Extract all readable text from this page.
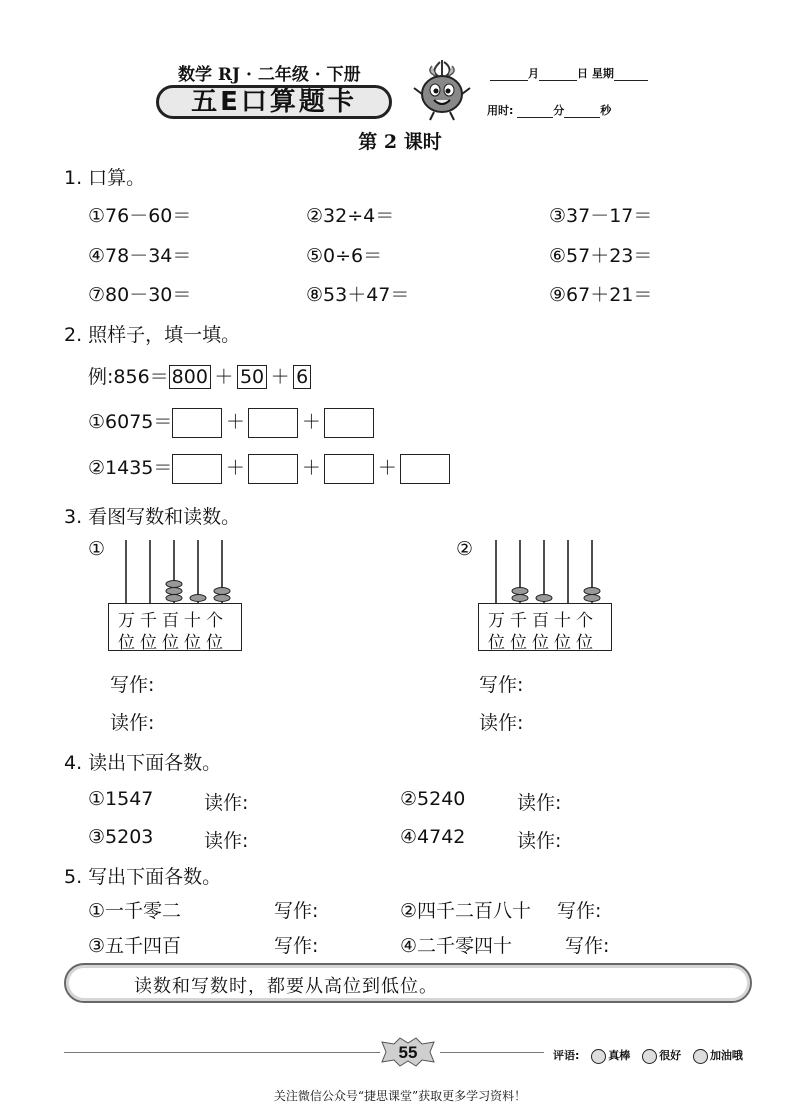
数学 RJ · 二年级 · 下册
五E口算题卡
月	日 星期
用时:	分	秒
第 2 课时
1. 口算。
①76－60＝	②32÷4＝	③37－17＝
④78－34＝	⑤0÷6＝	⑥57＋23＝
⑦80－30＝	⑧53＋47＝	⑨67＋21＝
2. 照样子，填一填。
例:856＝ 800 ＋ 50 ＋ 6
①6075＝	＋	＋
②1435＝	＋	＋	＋
3. 看图写数和读数。
①
万千百十个
位位位位位
写作:
读作:
②
万千百十个
位位位位位
写作:
读作:
4. 读出下面各数。
①1547	读作:	②5240	读作:
③5203	读作:	④4742	读作:
5. 写出下面各数。
①一千零二	写作:	②四千二百八十 写作:
③五千四百	写作:	④二千零四十	写作:
读数和写数时，都要从高位到低位。
55	评语:	真棒	很好	加油哦
关注微信公众号“捷思课堂”获取更多学习资料！
